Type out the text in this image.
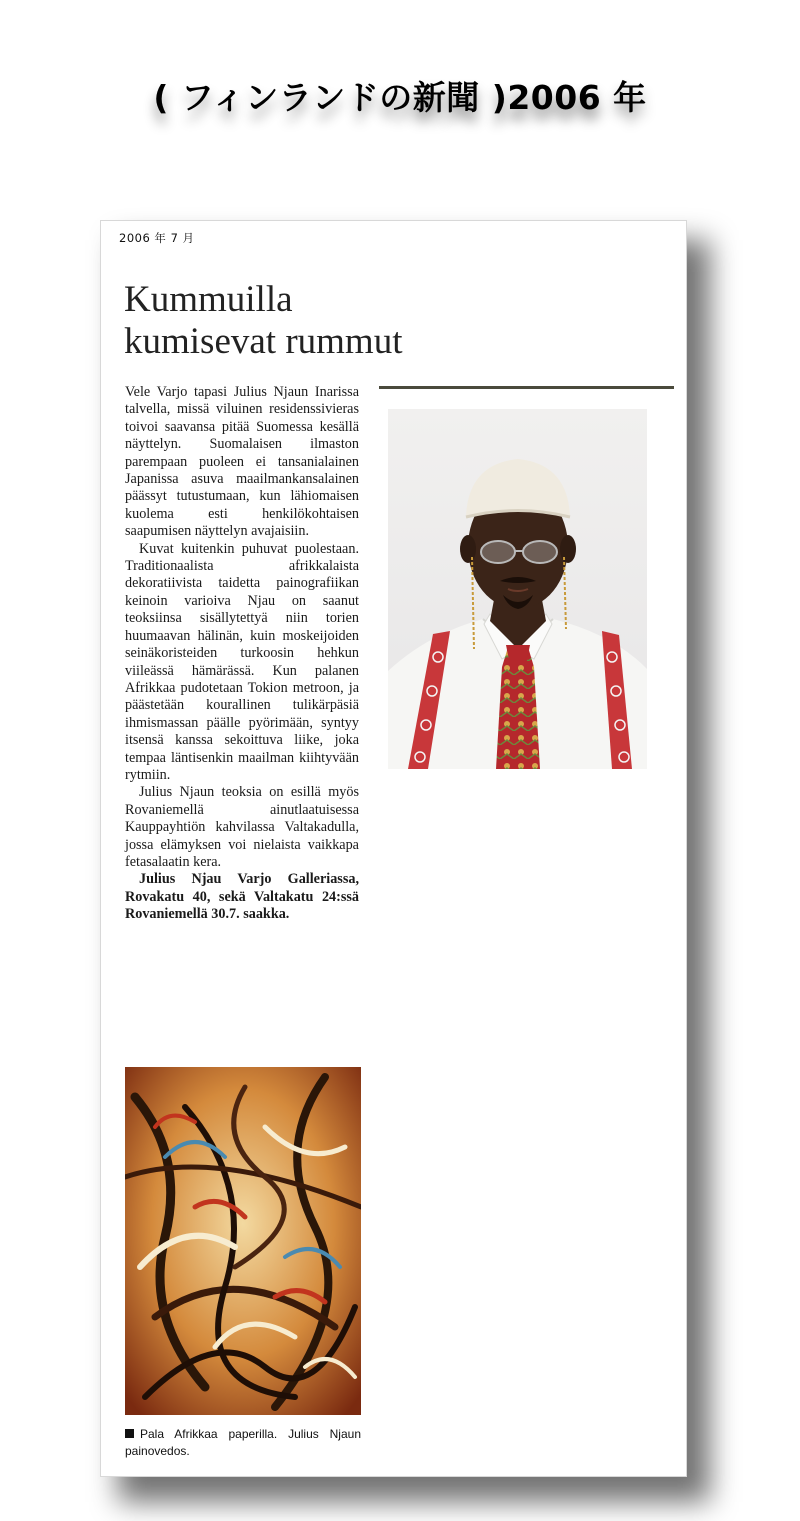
( フィンランドの新聞 )2006 年
2006 年 7 月
Kummuilla
kumisevat rummut

Vele Varjo tapasi Julius Njaun Inarissa talvella, missä viluinen residenssivieras toivoi saavansa pitää Suomessa kesällä näyttelyn. Suomalaisen ilmaston parempaan puoleen ei tansanialainen Japanissa asuva maailmankansalainen päässyt tutustumaan, kun lähiomaisen kuolema esti henkilökohtaisen saapumisen näyttelyn avajaisiin.

Kuvat kuitenkin puhuvat puolestaan. Traditionaalista afrikkalaista dekoratiivista taidetta painografiikan keinoin varioiva Njau on saanut teoksiinsa sisällytettyä niin torien huumaavan hälinän, kuin moskeijoiden seinäkoristeiden turkoosin hehkun viileässä hämärässä. Kun palanen Afrikkaa pudotetaan Tokion metroon, ja päästetään kourallinen tulikärpäsiä ihmismassan päälle pyörimään, syntyy itsensä kanssa sekoittuva liike, joka tempaa läntisenkin maailman kiihtyvään rytmiin.

Julius Njaun teoksia on esillä myös Rovaniemellä ainutlaatuisessa Kauppayhtiön kahvilassa Valtakadulla, jossa elämyksen voi nielaista vaikkapa fetasalaatin kera.

Julius Njau Varjo Galleriassa, Rovakatu 40, sekä Valtakatu 24:ssä Rovaniemellä 30.7. saakka.

Pala Afrikkaa paperilla. Julius Njaun painovedos.
